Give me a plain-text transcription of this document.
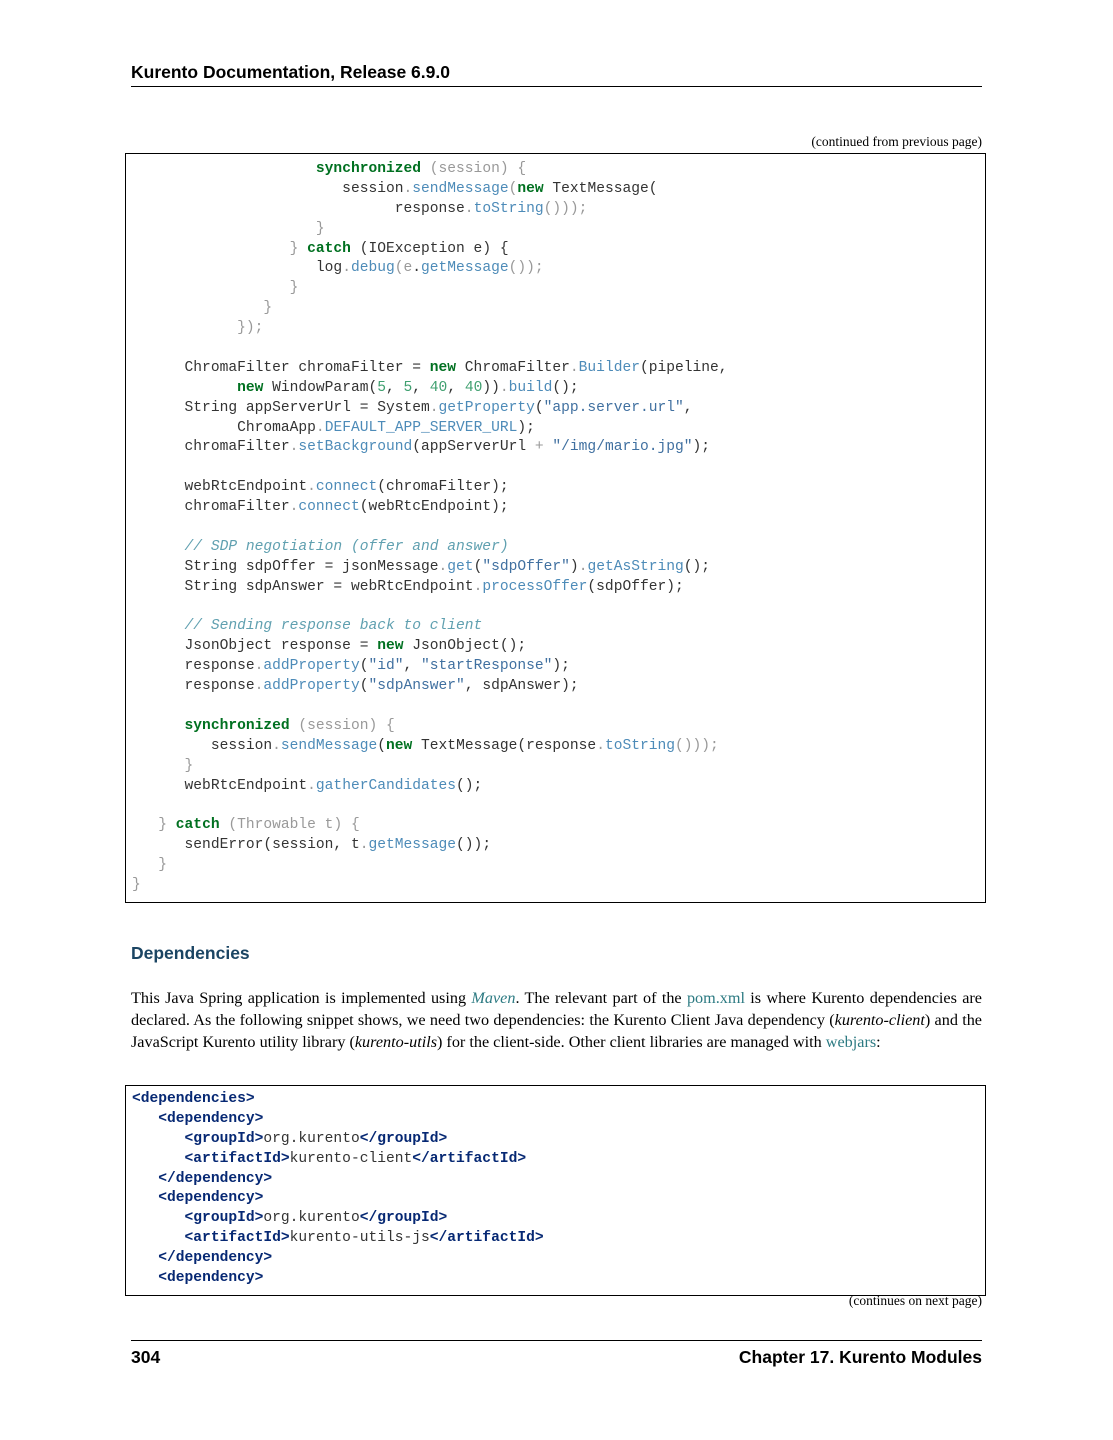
Kurento Documentation, Release 6.9.0
(continued from previous page)
synchronized (session) {
session.sendMessage(new TextMessage(
response.toString()));
}
} catch (IOException e) {
log.debug(e.getMessage());
}
}
});
ChromaFilter chromaFilter = new ChromaFilter.Builder(pipeline,
new WindowParam(5, 5, 40, 40)).build();
String appServerUrl = System.getProperty("app.server.url",
ChromaApp.DEFAULT_APP_SERVER_URL);
chromaFilter.setBackground(appServerUrl + "/img/mario.jpg");
webRtcEndpoint.connect(chromaFilter);
chromaFilter.connect(webRtcEndpoint);
// SDP negotiation (offer and answer)
String sdpOffer = jsonMessage.get("sdpOffer").getAsString();
String sdpAnswer = webRtcEndpoint.processOffer(sdpOffer);
// Sending response back to client
JsonObject response = new JsonObject();
response.addProperty("id", "startResponse");
response.addProperty("sdpAnswer", sdpAnswer);
synchronized (session) {
session.sendMessage(new TextMessage(response.toString()));
}
webRtcEndpoint.gatherCandidates();
} catch (Throwable t) {
sendError(session, t.getMessage());
}
}
Dependencies
This Java Spring application is implemented using Maven. The relevant part of the pom.xml is where Kurento dependencies are declared. As the following snippet shows, we need two dependencies: the Kurento Client Java dependency (kurento-client) and the JavaScript Kurento utility library (kurento-utils) for the client-side. Other client libraries are managed with webjars:
<dependencies>
<dependency>
<groupId>org.kurento</groupId>
<artifactId>kurento-client</artifactId>
</dependency>
<dependency>
<groupId>org.kurento</groupId>
<artifactId>kurento-utils-js</artifactId>
</dependency>
<dependency>
(continues on next page)
304	Chapter 17. Kurento Modules
